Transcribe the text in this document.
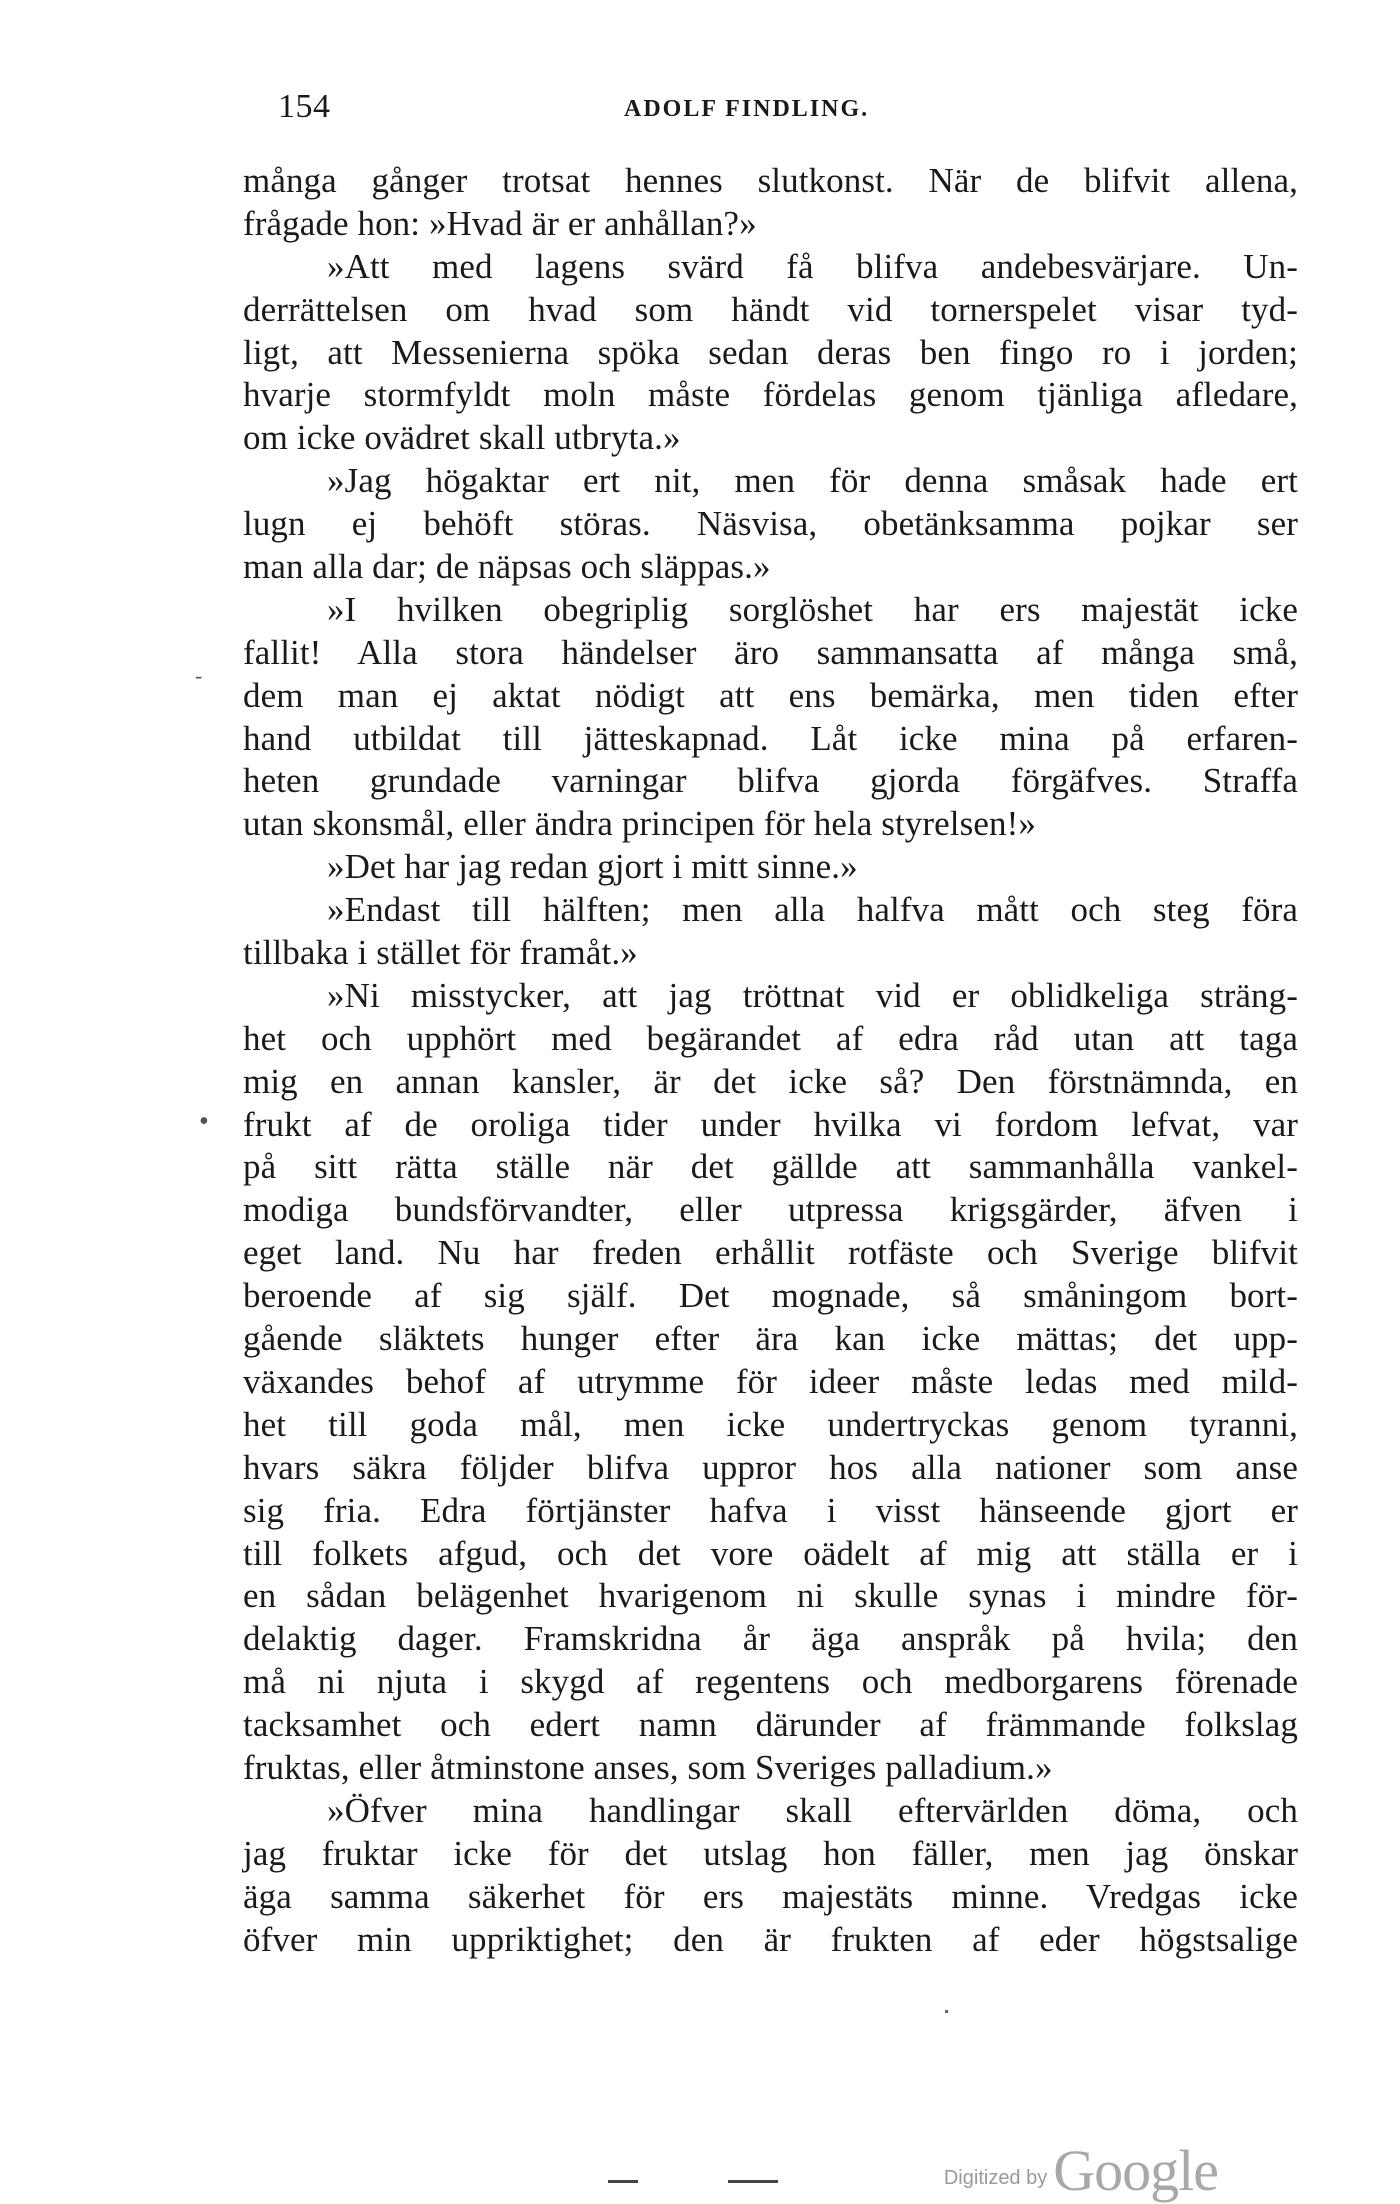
154	ADOLF FINDLING.
många gånger trotsat hennes slutkonst. När de blifvit allena,
frågade hon: »Hvad är er anhållan?»
»Att med lagens svärd få blifva andebesvärjare. Un-
derrättelsen om hvad som händt vid tornerspelet visar tyd-
ligt, att Messenierna spöka sedan deras ben fingo ro i jorden;
hvarje stormfyldt moln måste fördelas genom tjänliga afledare,
om icke ovädret skall utbryta.»
»Jag högaktar ert nit, men för denna småsak hade ert
lugn ej behöft störas. Näsvisa, obetänksamma pojkar ser
man alla dar; de näpsas och släppas.»
»I hvilken obegriplig sorglöshet har ers majestät icke
fallit! Alla stora händelser äro sammansatta af många små,
dem man ej aktat nödigt att ens bemärka, men tiden efter
hand utbildat till jätteskapnad. Låt icke mina på erfaren-
heten grundade varningar blifva gjorda förgäfves. Straffa
utan skonsmål, eller ändra principen för hela styrelsen!»
»Det har jag redan gjort i mitt sinne.»
»Endast till hälften; men alla halfva mått och steg föra
tillbaka i stället för framåt.»
»Ni misstycker, att jag tröttnat vid er oblidkeliga sträng-
het och upphört med begärandet af edra råd utan att taga
mig en annan kansler, är det icke så? Den förstnämnda, en
frukt af de oroliga tider under hvilka vi fordom lefvat, var
på sitt rätta ställe när det gällde att sammanhålla vankel-
modiga bundsförvandter, eller utpressa krigsgärder, äfven i
eget land. Nu har freden erhållit rotfäste och Sverige blifvit
beroende af sig själf. Det mognade, så småningom bort-
gående släktets hunger efter ära kan icke mättas; det upp-
växandes behof af utrymme för ideer måste ledas med mild-
het till goda mål, men icke undertryckas genom tyranni,
hvars säkra följder blifva uppror hos alla nationer som anse
sig fria. Edra förtjänster hafva i visst hänseende gjort er
till folkets afgud, och det vore oädelt af mig att ställa er i
en sådan belägenhet hvarigenom ni skulle synas i mindre för-
delaktig dager. Framskridna år äga anspråk på hvila; den
må ni njuta i skygd af regentens och medborgarens förenade
tacksamhet och edert namn därunder af främmande folkslag
fruktas, eller åtminstone anses, som Sveriges palladium.»
»Öfver mina handlingar skall eftervärlden döma, och
jag fruktar icke för det utslag hon fäller, men jag önskar
äga samma säkerhet för ers majestäts minne. Vredgas icke
öfver min uppriktighet; den är frukten af eder högstsalige
-
•
Digitized by Google
